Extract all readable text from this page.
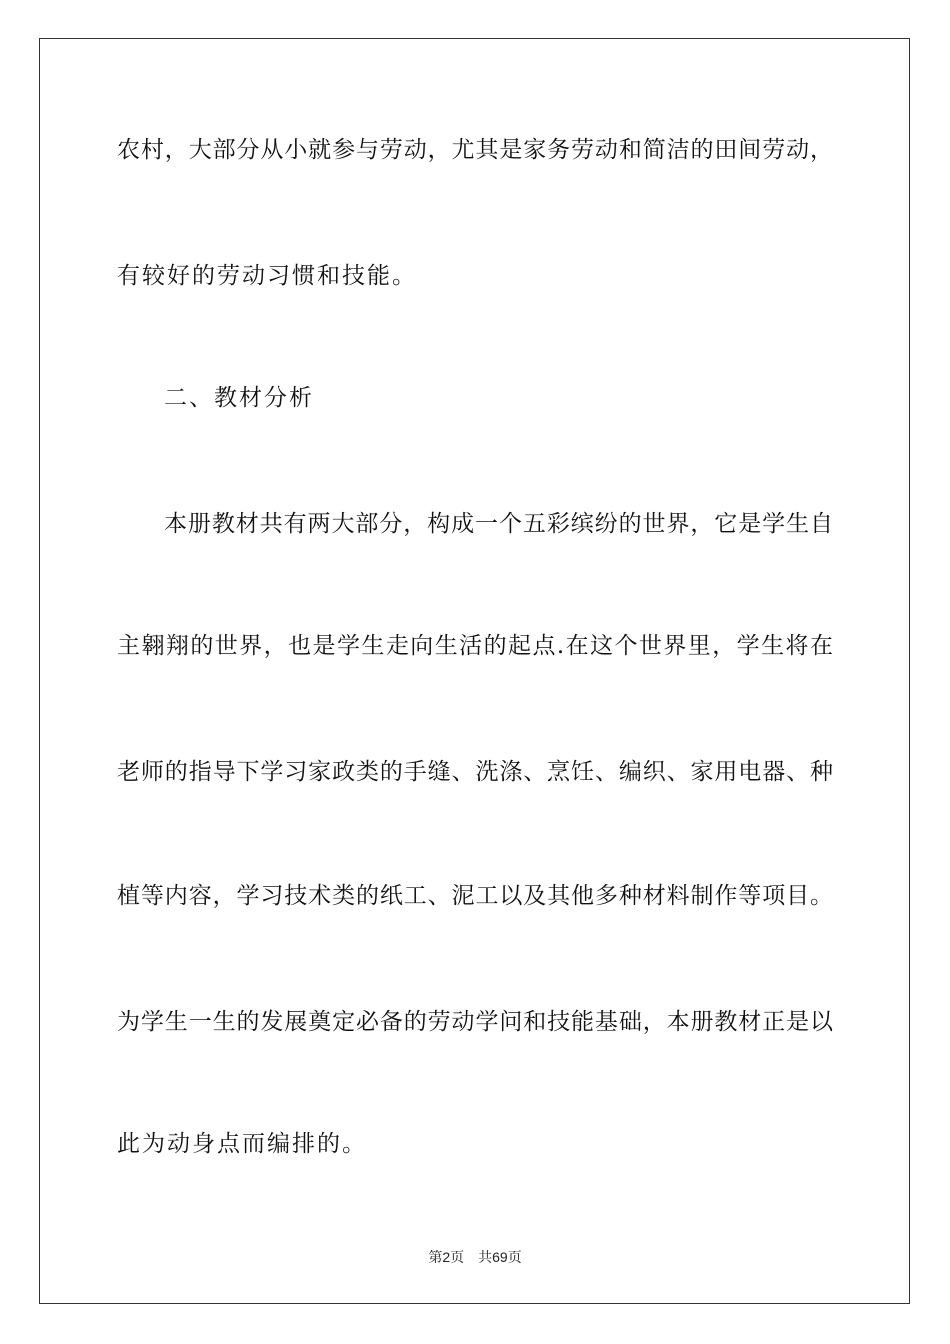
农村，大部分从小就参与劳动，尤其是家务劳动和简洁的田间劳动，
有较好的劳动习惯和技能。
二、教材分析
本册教材共有两大部分，构成一个五彩缤纷的世界，它是学生自
主翱翔的世界，也是学生走向生活的起点.在这个世界里，学生将在
老师的指导下学习家政类的手缝、洗涤、烹饪、编织、家用电器、种
植等内容，学习技术类的纸工、泥工以及其他多种材料制作等项目。
为学生一生的发展奠定必备的劳动学问和技能基础，本册教材正是以
此为动身点而编排的。
第2页 共69页
